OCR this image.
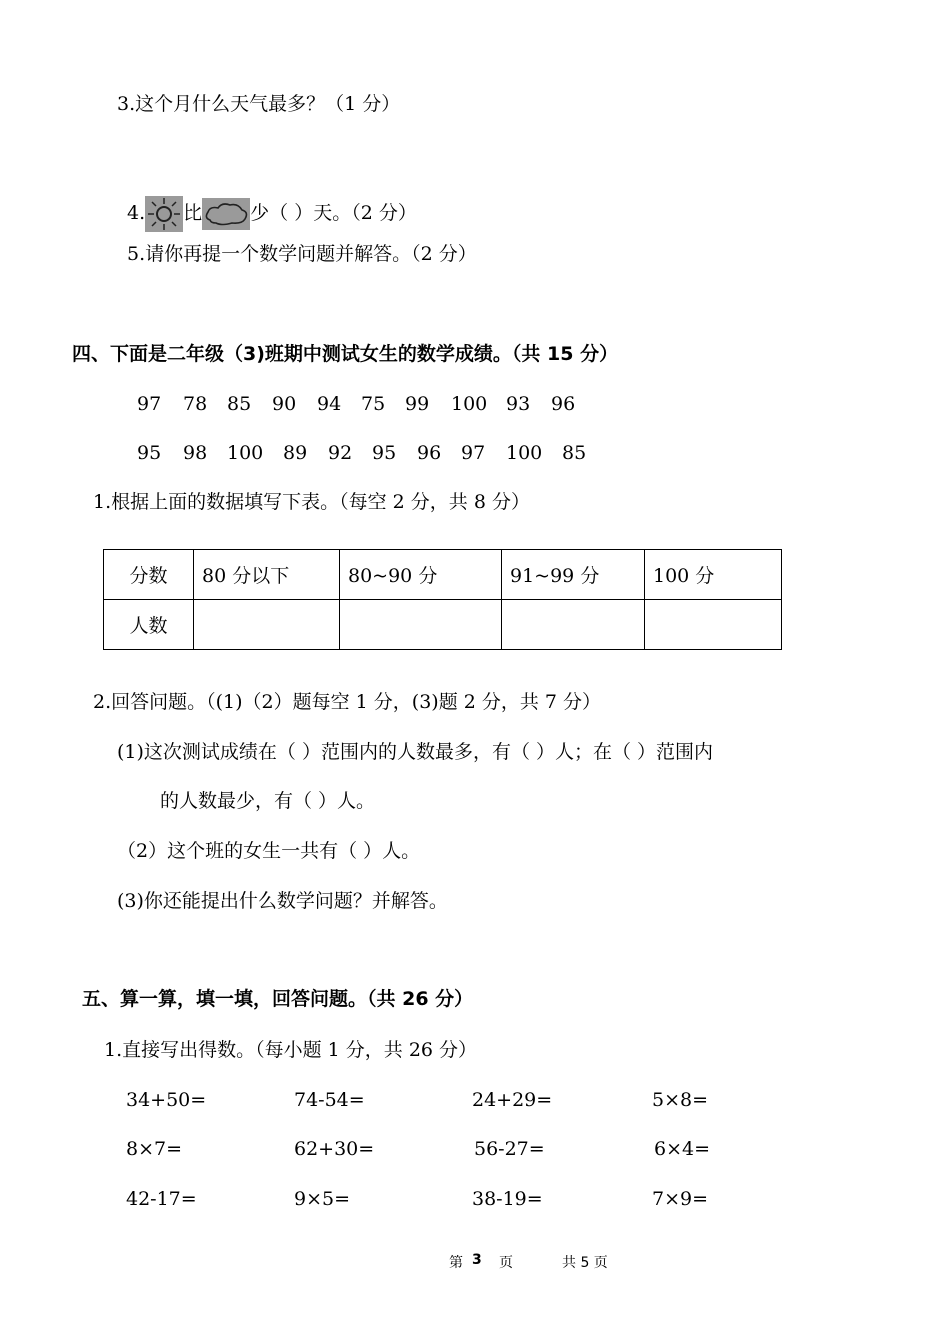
3.这个月什么天气最多？（1 分）
4. 比	少（ ）天。（2 分）
5.请你再提一个数学问题并解答。（2 分）
四、下面是二年级（3)班期中测试女生的数学成绩。（共 15 分）
97 78 85 90 94 75 99 100 93 96
95 98 100 89 92 95 96 97 100 85
1.根据上面的数据填写下表。（每空 2 分，共 8 分）
分数	80 分以下	80~90 分	91~99 分	100 分
人数				
2.回答问题。（(1)（2）题每空 1 分，(3)题 2 分，共 7 分）
(1)这次测试成绩在（ ）范围内的人数最多，有（ ）人；在（ ）范围内
的人数最少，有（ ）人。
（2）这个班的女生一共有（ ）人。
(3)你还能提出什么数学问题？并解答。
五、算一算，填一填，回答问题。（共 26 分）
1.直接写出得数。（每小题 1 分，共 26 分）
34+50=	74-54=	24+29=	5×8=
8×7=	62+30=	56-27=	6×4=
42-17=	9×5=	38-19=	7×9=
第 3 页	共 5 页
